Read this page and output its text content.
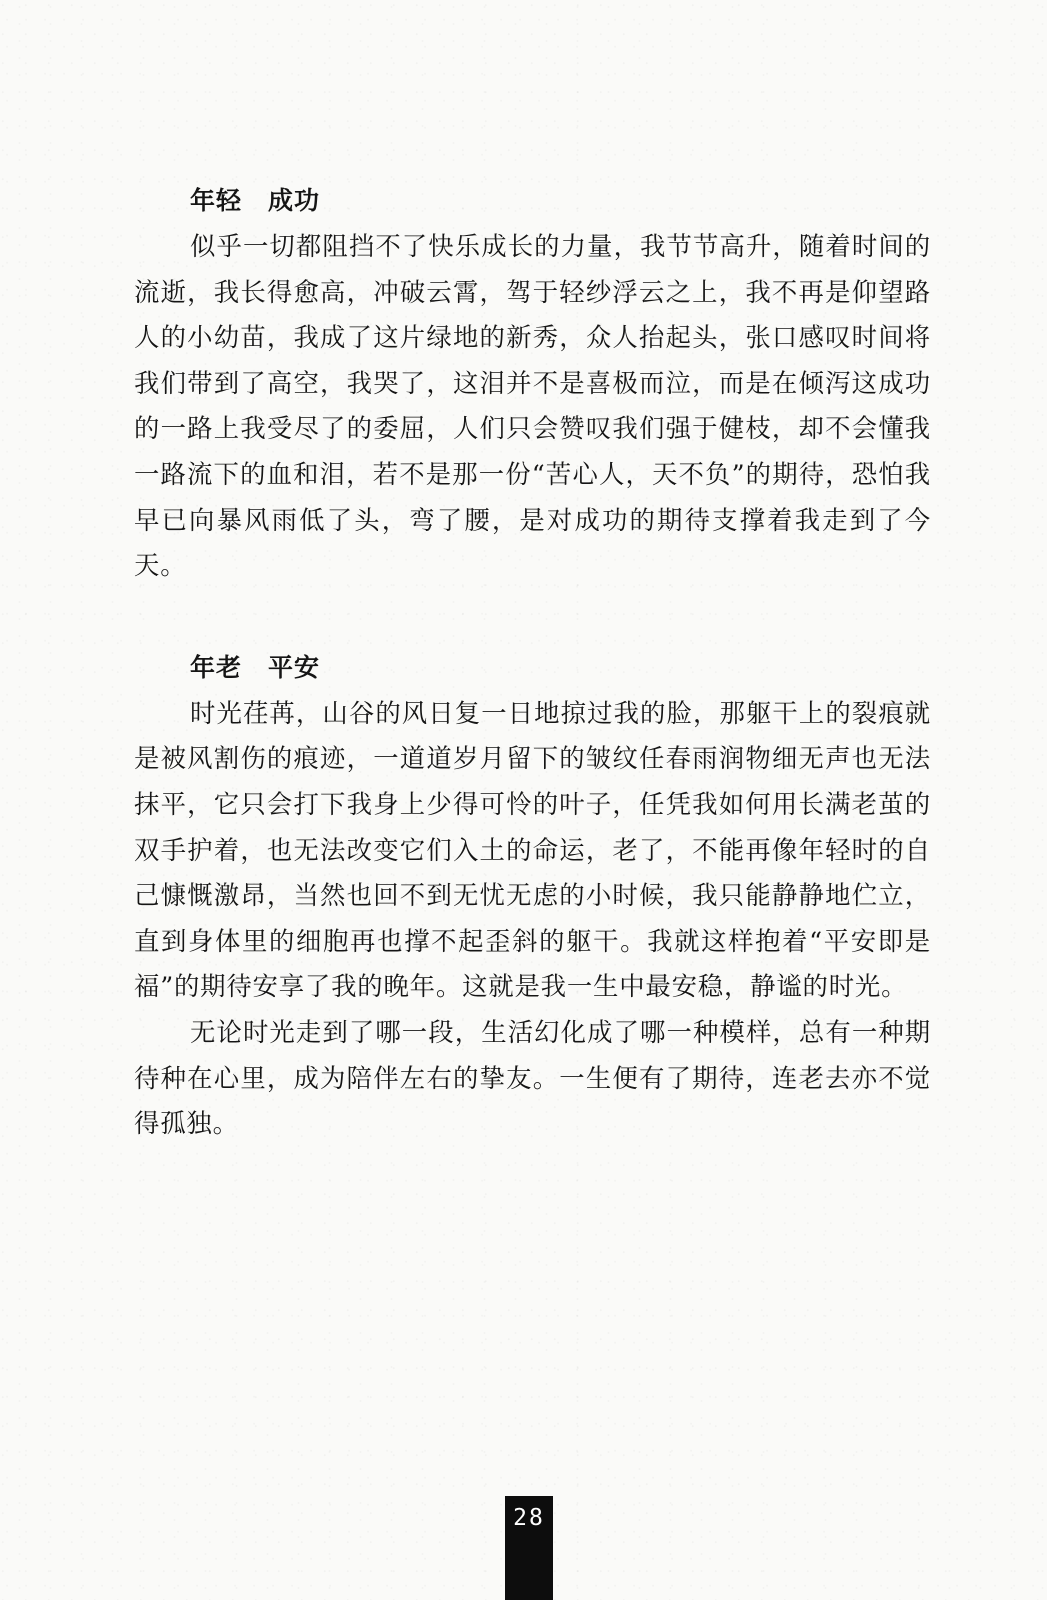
年轻　成功

似乎一切都阻挡不了快乐成长的力量，我节节高升，随着时间的流逝，我长得愈高，冲破云霄，驾于轻纱浮云之上，我不再是仰望路人的小幼苗，我成了这片绿地的新秀，众人抬起头，张口感叹时间将我们带到了高空，我哭了，这泪并不是喜极而泣，而是在倾泻这成功的一路上我受尽了的委屈，人们只会赞叹我们强于健枝，却不会懂我一路流下的血和泪，若不是那一份“苦心人，天不负”的期待，恐怕我早已向暴风雨低了头，弯了腰，是对成功的期待支撑着我走到了今天。

年老　平安

时光荏苒，山谷的风日复一日地掠过我的脸，那躯干上的裂痕就是被风割伤的痕迹，一道道岁月留下的皱纹任春雨润物细无声也无法抹平，它只会打下我身上少得可怜的叶子，任凭我如何用长满老茧的双手护着，也无法改变它们入土的命运，老了，不能再像年轻时的自己慷慨激昂，当然也回不到无忧无虑的小时候，我只能静静地伫立，直到身体里的细胞再也撑不起歪斜的躯干。我就这样抱着“平安即是福”的期待安享了我的晚年。这就是我一生中最安稳，静谧的时光。

无论时光走到了哪一段，生活幻化成了哪一种模样，总有一种期待种在心里，成为陪伴左右的挚友。一生便有了期待，连老去亦不觉得孤独。

28
